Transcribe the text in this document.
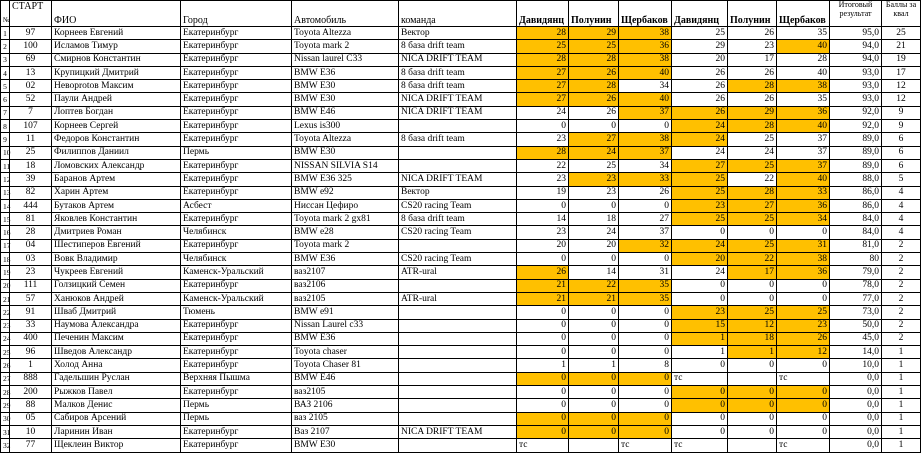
№	СТАРТ	ФИО	Город	Автомобиль	команда	Давидянц	Полунин	Щербаков	Давидянц	Полунин	Щербаков	Итоговый результат	Баллы за квал
1	97	Корнеев Евгений	Екатеринбург	Toyota Altezza	Вектор	28	29	38	25	26	35	95,0	25
2	100	Исламов Тимур	Екатеринбург	Toyota mark 2	8 база drift team	25	25	36	29	23	40	94,0	21
3	69	Смирнов Константин	Екатеринбург	Nissan laurel C33	NICA DRIFT TEAM	28	28	38	20	17	28	94,0	19
4	13	Крупицкий Дмитрий	Екатеринбург	BMW E36	8 база drift team	27	26	40	26	26	40	93,0	17
5	02	Невоprotов Максим	Екатеринбург	BMW E30	8 база drift team	27	28	34	26	28	38	93,0	12
6	52	Паули Андрей	Екатеринбург	BMW E30	NICA DRIFT TEAM	27	26	40	26	26	35	93,0	12
7	7	Лоптев Богдан	Екатеринбург	BMW E46	NICA DRIFT TEAM	24	26	37	26	29	36	92,0	9
8	107	Корнеев Сергей	Екатеринбург	Lexus is300		0	0	0	24	28	40	92,0	9
9	11	Федоров Константин	Екатеринбург	Toyota Altezza	8 база drift team	23	27	38	24	25	37	89,0	6
10	25	Филиппов Даниил	Пермь	BMW E30		28	24	37	24	24	37	89,0	6
11	18	Ломовских Александр	Екатеринбург	NISSAN SILVIA S14		22	25	34	27	25	37	89,0	6
12	39	Баранов Артем	Екатеринбург	BMW E36 325	NICA DRIFT TEAM	23	23	33	25	22	40	88,0	5
13	82	Харин Артем	Екатеринбург	BMW e92	Вектор	19	23	26	25	28	33	86,0	4
14	444	Бутаков Артем	Асбест	Ниссан Цефиро	CS20 racing Team	0	0	0	23	27	36	86,0	4
15	81	Яковлев Константин	Екатеринбург	Toyota mark 2 gx81	8 база drift team	14	18	27	25	25	34	84,0	4
16	28	Дмитриев Роман	Челябинск	BMW e28	CS20 racing Team	23	24	37	0	0	0	84,0	4
17	04	Шестиперов Евгений	Екатеринбург	Toyota mark 2		20	20	32	24	25	31	81,0	2
18	03	Вовк Владимир	Челябинск	BMW E36	CS20 racing Team	0	0	0	20	22	38	80	2
19	23	Чукреев Евгений	Каменск-Уральский	ваз2107	ATR-ural	26	14	31	24	17	36	79,0	2
20	111	Голзицкий Семен	Екатеринбург	ваз2106		21	22	35	0	0	0	78,0	2
21	57	Ханюков Андрей	Каменск-Уральский	ваз2105	ATR-ural	21	21	35	0	0	0	77,0	2
22	91	Шваб Дмитрий	Тюмень	BMW e91		0	0	0	23	25	25	73,0	2
23	33	Наумова Александра	Екатеринбург	Nissan Laurel c33		0	0	0	15	12	23	50,0	2
24	400	Печенин Максим	Екатеринбург	BMW E36		0	0	0	1	18	26	45,0	2
25	96	Шведов Александр	Екатеринбург	Toyota chaser		0	0	0	1	1	12	14,0	1
26	1	Холод Анна	Екатеринбург	Toyota Chaser 81		1	1	8	0	0	0	10,0	1
27	888	Гадельшин Руслан	Верхняя Пышма	BMW E46		0	0	0	тс		тс	0,0	1
28	200	Рыжков Павел	Екатеринбург	ваз2105		0	0	0	0	0	0	0,0	1
29	88	Малков Денис	Пермь	ВАЗ 2106		0	0	0	0	0	0	0,0	1
30	05	Сабиров Арсений	Пермь	ваз 2105		0	0	0	0	0	0	0,0	1
31	10	Ларинин Иван	Екатеринбург	Ваз 2107	NICA DRIFT TEAM	0	0	0	0	0	0	0,0	1
32	77	Щеклеин Виктор	Екатеринбург	BMW E30		тс		тс	тс		тс	0,0	1
